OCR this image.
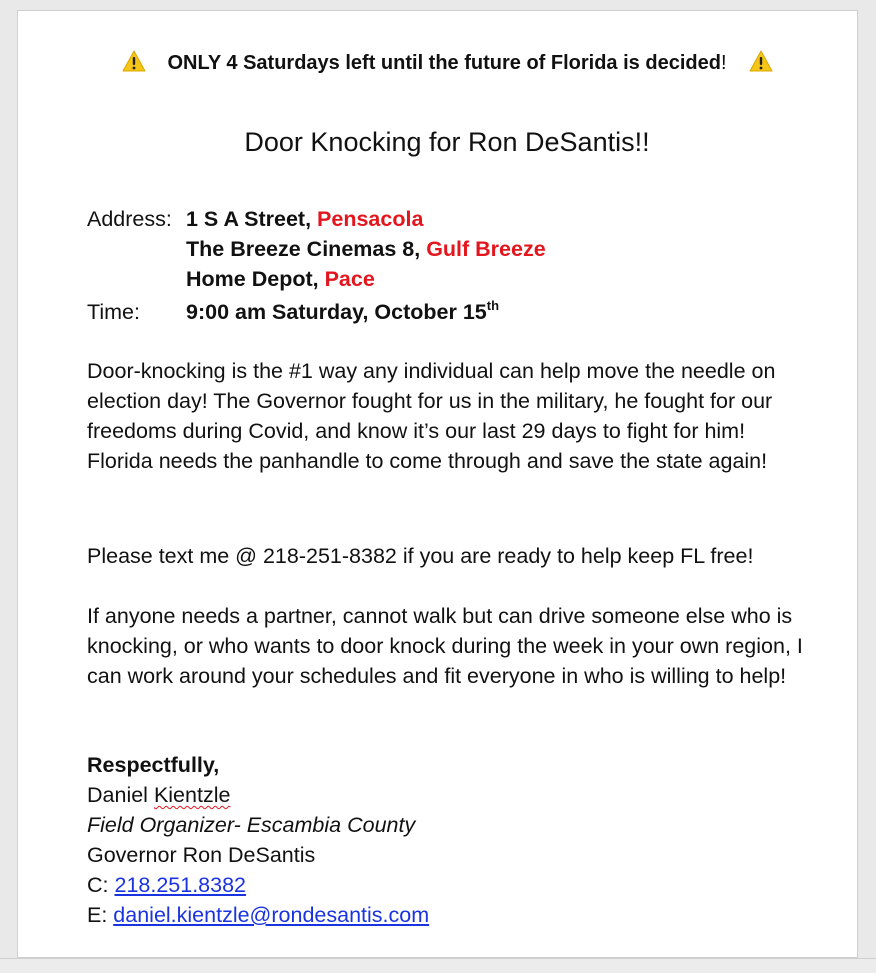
ONLY 4 Saturdays left until the future of Florida is decided!
Door Knocking for Ron DeSantis!!
Address: 1 S A Street, Pensacola
The Breeze Cinemas 8, Gulf Breeze
Home Depot, Pace
Time: 9:00 am Saturday, October 15th

Door-knocking is the #1 way any individual can help move the needle on election day! The Governor fought for us in the military, he fought for our freedoms during Covid, and know it’s our last 29 days to fight for him! Florida needs the panhandle to come through and save the state again!

Please text me @ 218-251-8382 if you are ready to help keep FL free!

If anyone needs a partner, cannot walk but can drive someone else who is knocking, or who wants to door knock during the week in your own region, I can work around your schedules and fit everyone in who is willing to help!

Respectfully,
Daniel Kientzle
Field Organizer- Escambia County
Governor Ron DeSantis
C: 218.251.8382
E: daniel.kientzle@rondesantis.com
